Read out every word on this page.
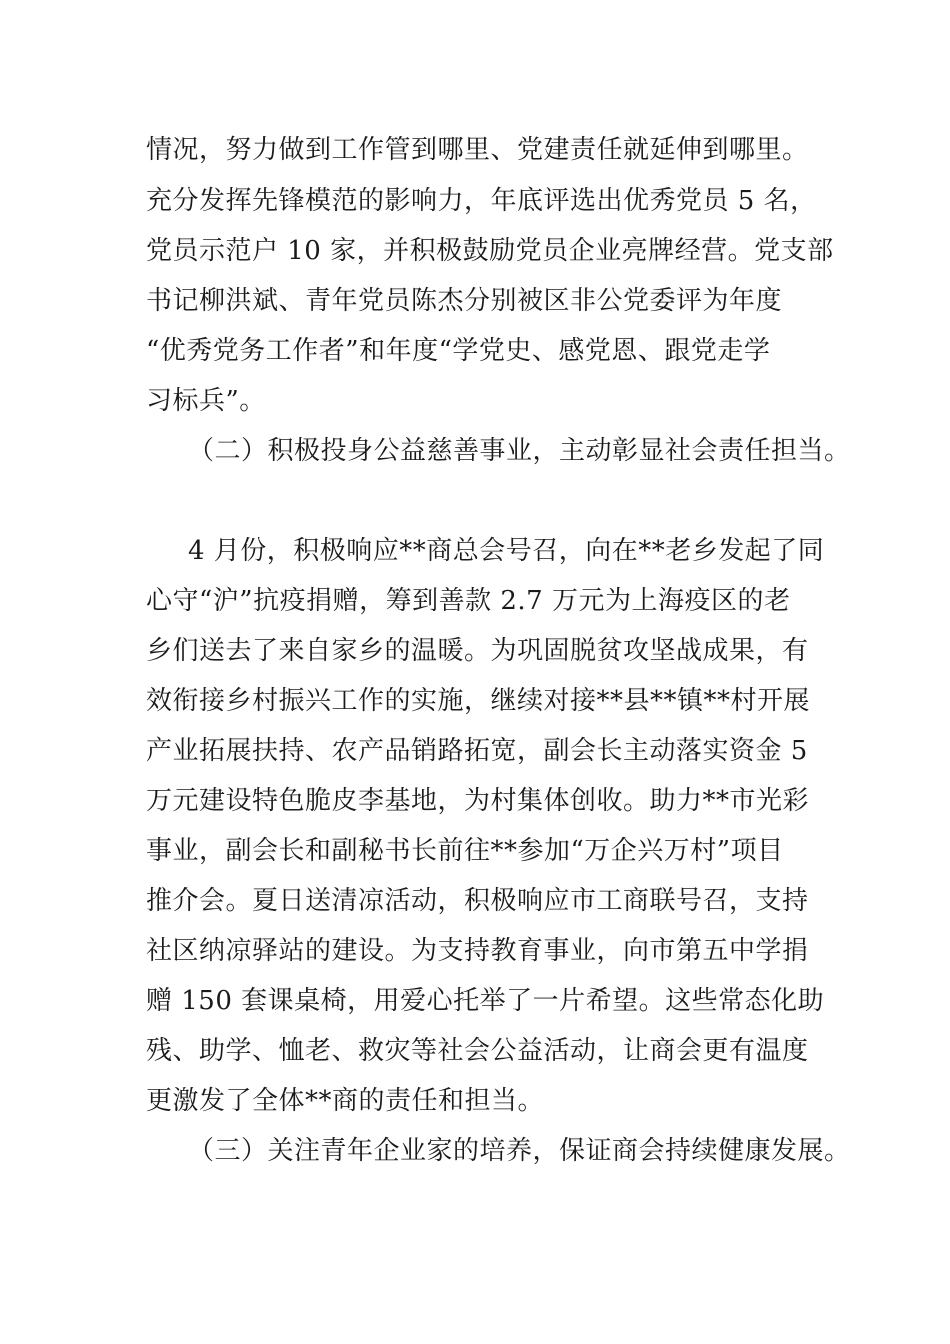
情况，努力做到工作管到哪里、党建责任就延伸到哪里。
充分发挥先锋模范的影响力，年底评选出优秀党员 5 名，
党员示范户 10 家，并积极鼓励党员企业亮牌经营。党支部
书记柳洪斌、青年党员陈杰分别被区非公党委评为年度
“优秀党务工作者”和年度“学党史、感党恩、跟党走学
习标兵”。
（二）积极投身公益慈善事业，主动彰显社会责任担当。
4 月份，积极响应**商总会号召，向在**老乡发起了同
心守“沪”抗疫捐赠，筹到善款 2.7 万元为上海疫区的老
乡们送去了来自家乡的温暖。为巩固脱贫攻坚战成果，有
效衔接乡村振兴工作的实施，继续对接**县**镇**村开展
产业拓展扶持、农产品销路拓宽，副会长主动落实资金 5
万元建设特色脆皮李基地，为村集体创收。助力**市光彩
事业，副会长和副秘书长前往**参加“万企兴万村”项目
推介会。夏日送清凉活动，积极响应市工商联号召，支持
社区纳凉驿站的建设。为支持教育事业，向市第五中学捐
赠 150 套课桌椅，用爱心托举了一片希望。这些常态化助
残、助学、恤老、救灾等社会公益活动，让商会更有温度
更激发了全体**商的责任和担当。
（三）关注青年企业家的培养，保证商会持续健康发展。
